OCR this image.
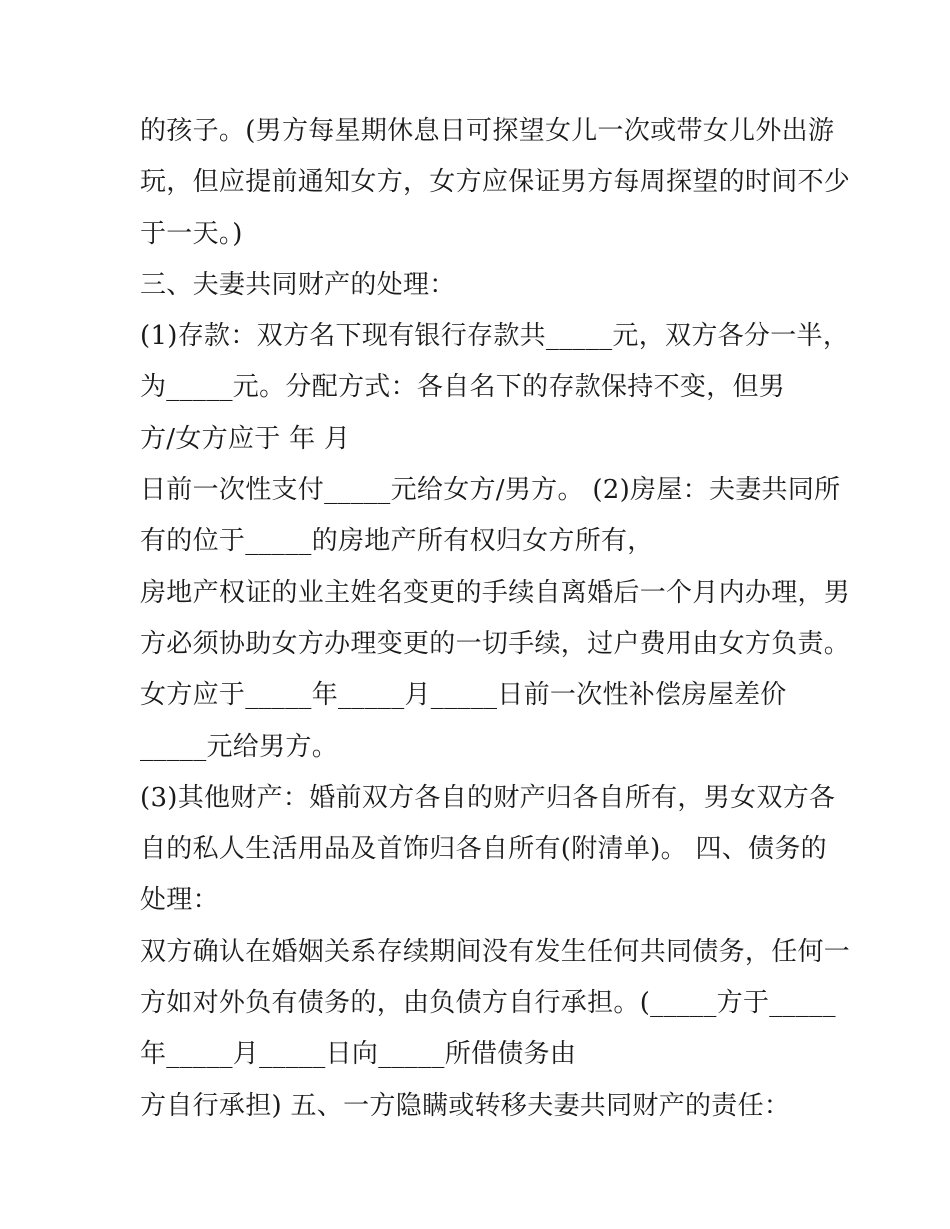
的孩子。(男方每星期休息日可探望女儿一次或带女儿外出游
玩，但应提前通知女方，女方应保证男方每周探望的时间不少
于一天。)
三、夫妻共同财产的处理：
(1)存款：双方名下现有银行存款共_____元，双方各分一半，
为_____元。分配方式：各自名下的存款保持不变，但男
方/女方应于 年 月
日前一次性支付_____元给女方/男方。 (2)房屋：夫妻共同所
有的位于_____的房地产所有权归女方所有，
房地产权证的业主姓名变更的手续自离婚后一个月内办理，男
方必须协助女方办理变更的一切手续，过户费用由女方负责。
女方应于_____年_____月_____日前一次性补偿房屋差价
_____元给男方。
(3)其他财产：婚前双方各自的财产归各自所有，男女双方各
自的私人生活用品及首饰归各自所有(附清单)。 四、债务的
处理：
双方确认在婚姻关系存续期间没有发生任何共同债务，任何一
方如对外负有债务的，由负债方自行承担。(_____方于_____
年_____月_____日向_____所借债务由
方自行承担) 五、一方隐瞒或转移夫妻共同财产的责任：
